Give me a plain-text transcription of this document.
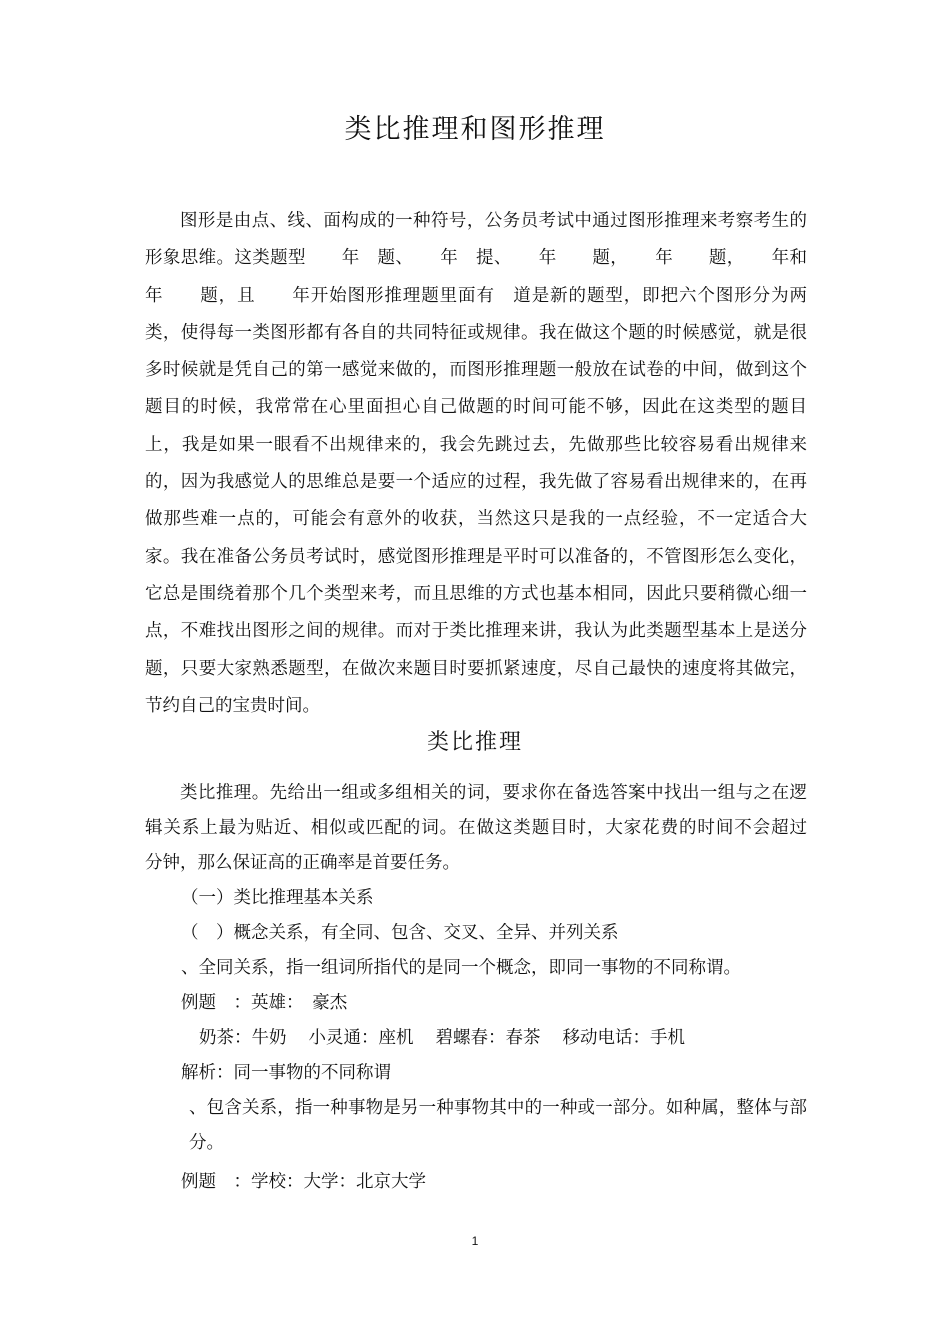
类比推理和图形推理

图形是由点、线、面构成的一种符号，公务员考试中通过图形推理来考察考生的形象思维。这类题型　　年　题、　　年　提、　　年　　题，　　年　　题，　　年和　　年　　题，且　　年开始图形推理题里面有　道是新的题型，即把六个图形分为两类，使得每一类图形都有各自的共同特征或规律。我在做这个题的时候感觉，就是很多时候就是凭自己的第一感觉来做的，而图形推理题一般放在试卷的中间，做到这个题目的时候，我常常在心里面担心自己做题的时间可能不够，因此在这类型的题目上，我是如果一眼看不出规律来的，我会先跳过去，先做那些比较容易看出规律来的，因为我感觉人的思维总是要一个适应的过程，我先做了容易看出规律来的，在再做那些难一点的，可能会有意外的收获，当然这只是我的一点经验，不一定适合大家。我在准备公务员考试时，感觉图形推理是平时可以准备的，不管图形怎么变化，它总是围绕着那个几个类型来考，而且思维的方式也基本相同，因此只要稍微心细一点，不难找出图形之间的规律。而对于类比推理来讲，我认为此类题型基本上是送分题，只要大家熟悉题型，在做次来题目时要抓紧速度，尽自己最快的速度将其做完，节约自己的宝贵时间。

类比推理

类比推理。先给出一组或多组相关的词，要求你在备选答案中找出一组与之在逻辑关系上最为贴近、相似或匹配的词。在做这类题目时，大家花费的时间不会超过　分钟，那么保证高的正确率是首要任务。

（一）类比推理基本关系

（　）概念关系，有全同、包含、交叉、全异、并列关系

、全同关系，指一组词所指代的是同一个概念，即同一事物的不同称谓。

例题　：英雄：　豪杰

奶茶：牛奶 小灵通：座机 碧螺春：春茶 移动电话：手机

解析：同一事物的不同称谓

、包含关系，指一种事物是另一种事物其中的一种或一部分。如种属，整体与部分。

例题　：学校：大学：北京大学

1
